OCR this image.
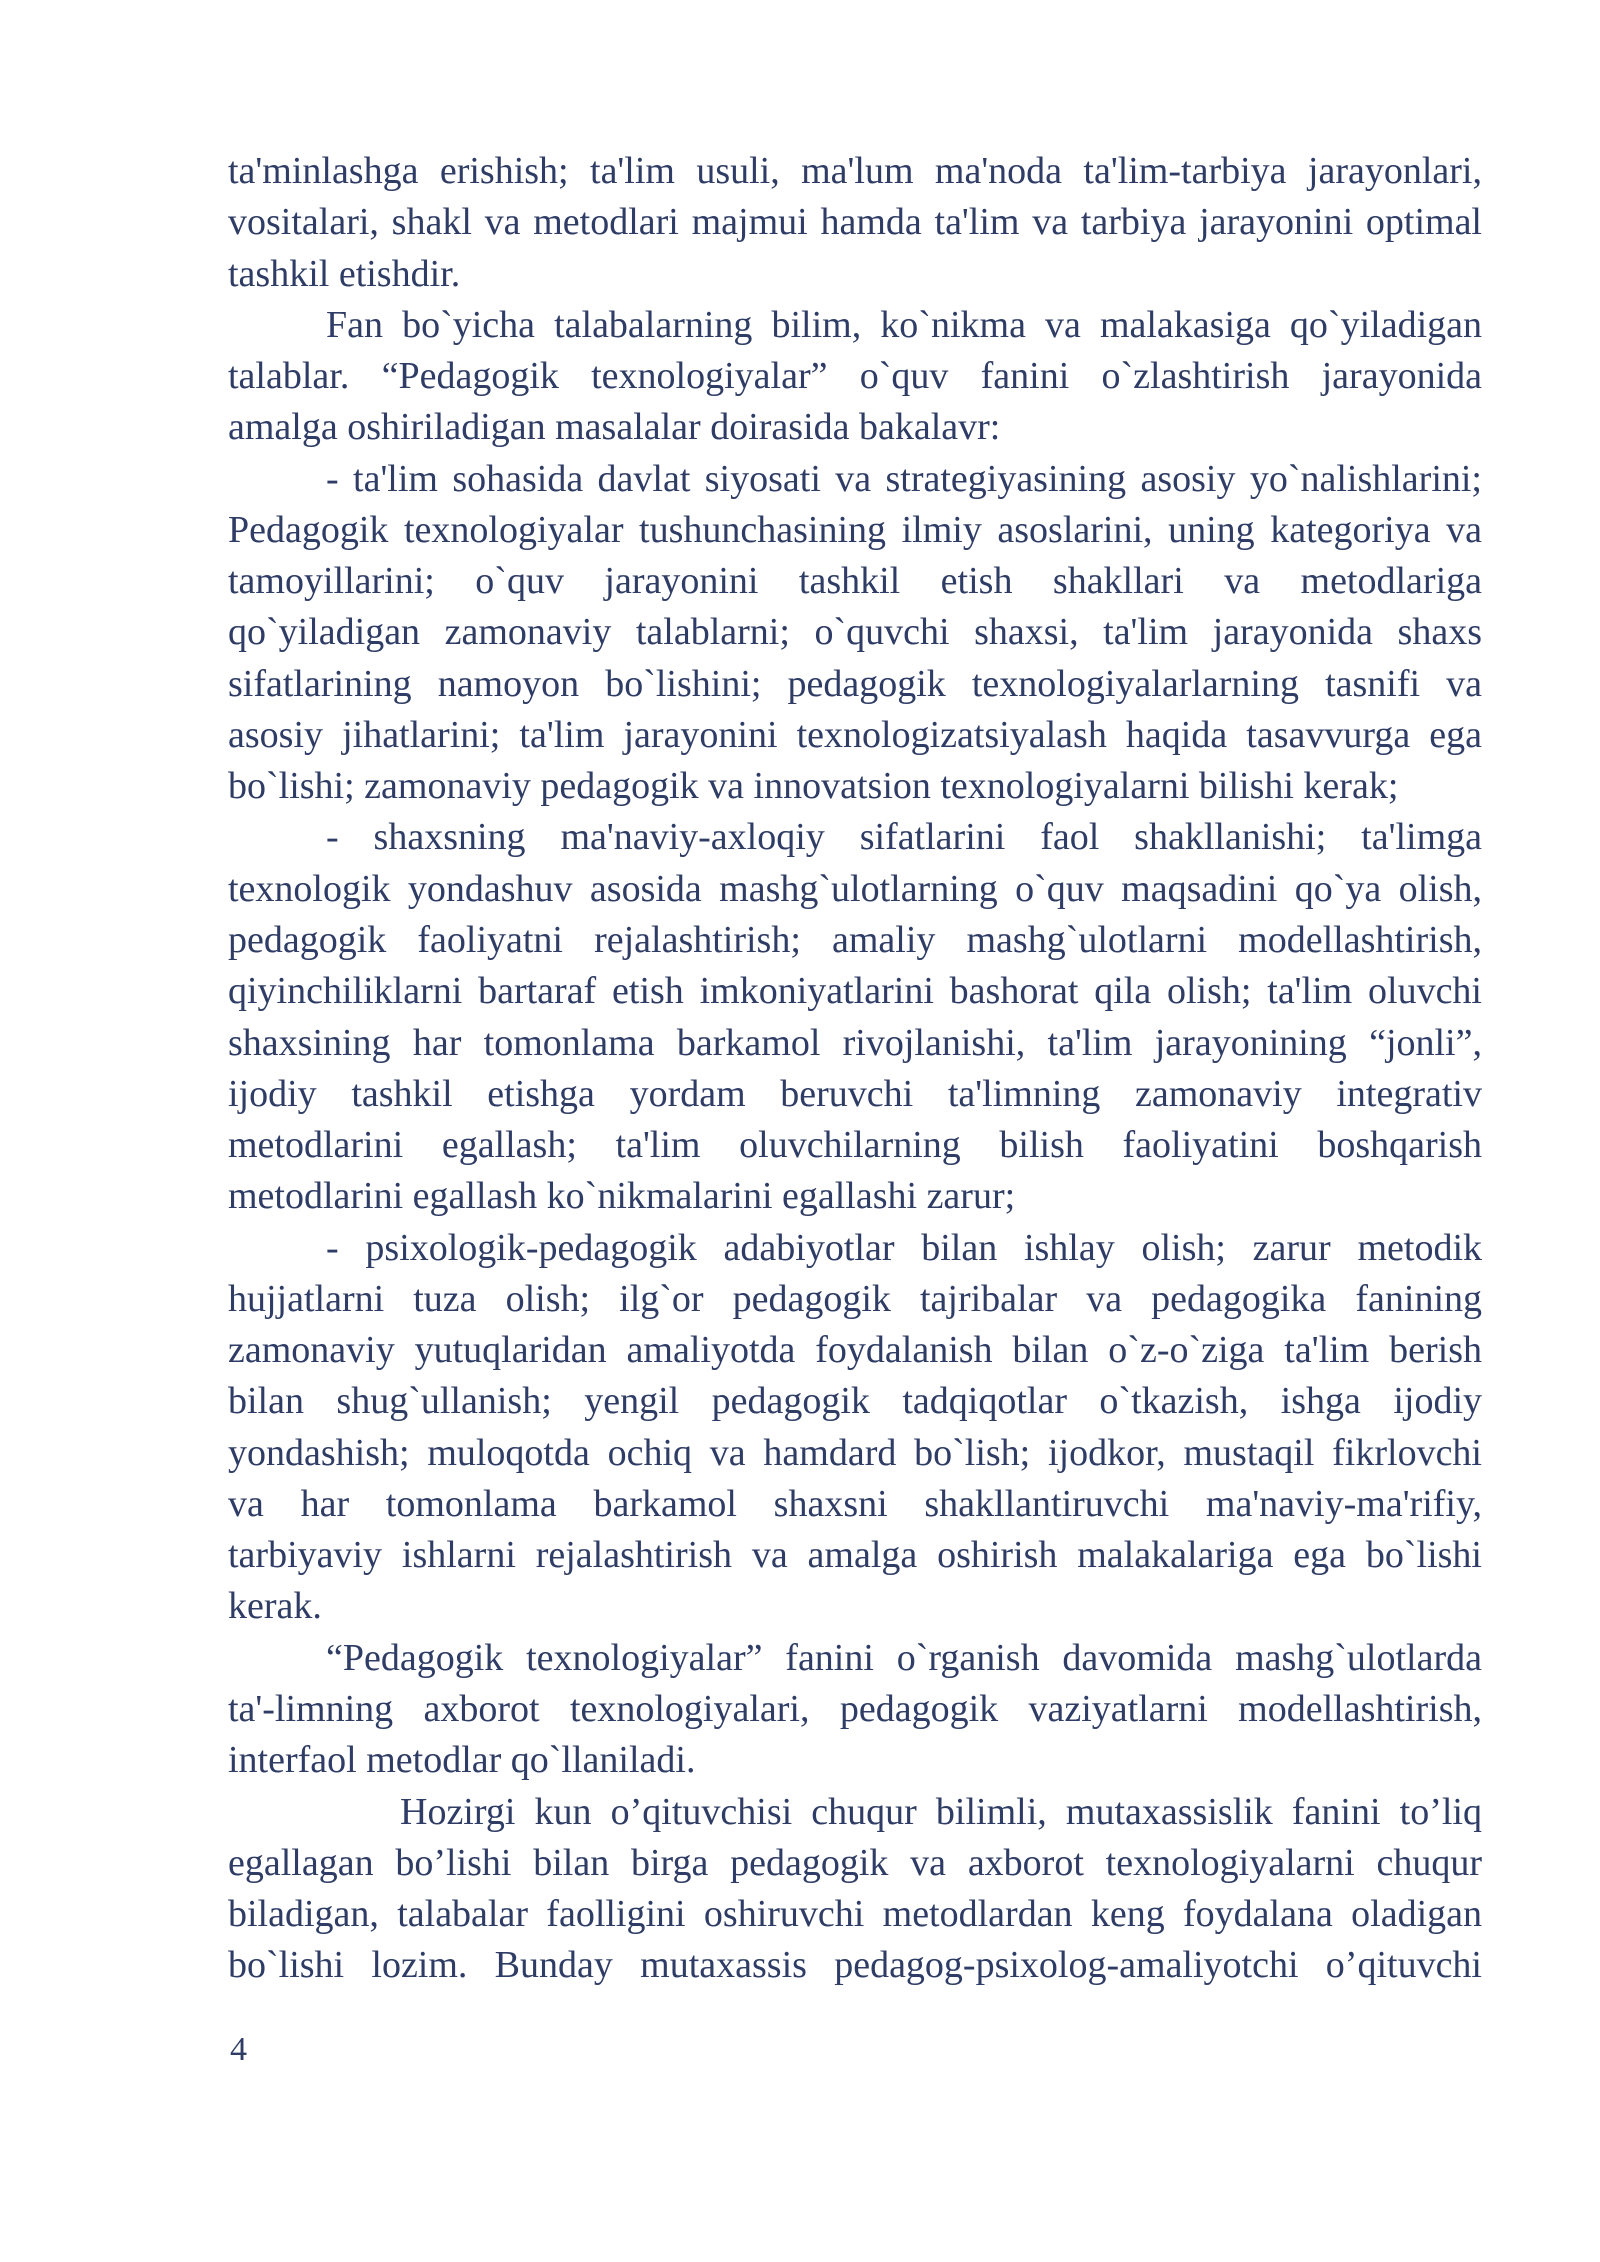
ta'minlashga erishish; ta'lim usuli, ma'lum ma'noda ta'lim-tarbiya jarayonlari,
vositalari, shakl va metodlari majmui hamda ta'lim va tarbiya jarayonini optimal
tashkil etishdir.
Fan bo`yicha talabalarning bilim, ko`nikma va malakasiga qo`yiladigan
talablar. “Pedagogik texnologiyalar” o`quv fanini o`zlashtirish jarayonida
amalga oshiriladigan masalalar doirasida bakalavr:
- ta'lim sohasida davlat siyosati va strategiyasining asosiy yo`nalishlarini;
Pedagogik texnologiyalar tushunchasining ilmiy asoslarini, uning kategoriya va
tamoyillarini; o`quv jarayonini tashkil etish shakllari va metodlariga
qo`yiladigan zamonaviy talablarni; o`quvchi shaxsi, ta'lim jarayonida shaxs
sifatlarining namoyon bo`lishini; pedagogik texnologiyalarlarning tasnifi va
asosiy jihatlarini; ta'lim jarayonini texnologizatsiyalash haqida tasavvurga ega
bo`lishi; zamonaviy pedagogik va innovatsion texnologiyalarni bilishi kerak;
- shaxsning ma'naviy-axloqiy sifatlarini faol shakllanishi; ta'limga
texnologik yondashuv asosida mashg`ulotlarning o`quv maqsadini qo`ya olish,
pedagogik faoliyatni rejalashtirish; amaliy mashg`ulotlarni modellashtirish,
qiyinchiliklarni bartaraf etish imkoniyatlarini bashorat qila olish; ta'lim oluvchi
shaxsining har tomonlama barkamol rivojlanishi, ta'lim jarayonining “jonli”,
ijodiy tashkil etishga yordam beruvchi ta'limning zamonaviy integrativ
metodlarini egallash; ta'lim oluvchilarning bilish faoliyatini boshqarish
metodlarini egallash ko`nikmalarini egallashi zarur;
- psixologik-pedagogik adabiyotlar bilan ishlay olish; zarur metodik
hujjatlarni tuza olish; ilg`or pedagogik tajribalar va pedagogika fanining
zamonaviy yutuqlaridan amaliyotda foydalanish bilan o`z-o`ziga ta'lim berish
bilan shug`ullanish; yengil pedagogik tadqiqotlar o`tkazish, ishga ijodiy
yondashish; muloqotda ochiq va hamdard bo`lish; ijodkor, mustaqil fikrlovchi
va har tomonlama barkamol shaxsni shakllantiruvchi ma'naviy-ma'rifiy,
tarbiyaviy ishlarni rejalashtirish va amalga oshirish malakalariga ega bo`lishi
kerak.
“Pedagogik texnologiyalar” fanini o`rganish davomida mashg`ulotlarda
ta'-limning axborot texnologiyalari, pedagogik vaziyatlarni modellashtirish,
interfaol metodlar qo`llaniladi.
Hozirgi kun o’qituvchisi chuqur bilimli, mutaxassislik fanini to’liq
egallagan bo’lishi bilan birga pedagogik va axborot texnologiyalarni chuqur
biladigan, talabalar faolligini oshiruvchi metodlardan keng foydalana oladigan
bo`lishi lozim. Bunday mutaxassis pedagog-psixolog-amaliyotchi o’qituvchi
4
